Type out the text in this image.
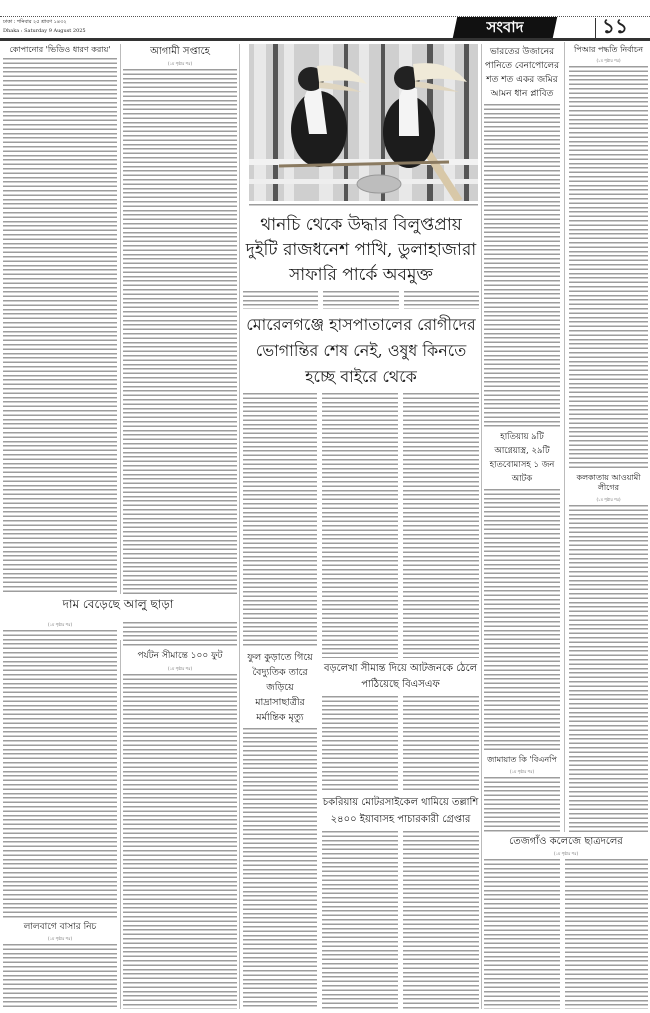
ঢাকা : শনিবার ২৫ শ্রাবণ ১৪৩২
Dhaka : Saturday 9 August 2025	সংবাদ	১১
কোপানোর 'ভিডিও ধারণ করায়'	আগামী সপ্তাহে
(১ম পৃষ্ঠার পর)
দাম বেড়েছে আলু ছাড়া
(১ম পৃষ্ঠার পর)
লালবাগে বাসার নিচ
(১ম পৃষ্ঠার পর)
পর্যটন সীমান্তে ১০০ ফুট
(১ম পৃষ্ঠার পর)
থানচি থেকে উদ্ধার বিলুপ্তপ্রায় দুইটি রাজধনেশ পাখি, ডুলাহাজারা সাফারি পার্কে অবমুক্ত
মোরেলগঞ্জে হাসপাতালের রোগীদের ভোগান্তির শেষ নেই, ওষুধ কিনতে হচ্ছে বাইরে থেকে
ফুল কুড়াতে গিয়ে বৈদ্যুতিক তারে জড়িয়ে মাদ্রাসাছাত্রীর মর্মান্তিক মৃত্যু
বড়লেখা সীমান্ত দিয়ে আটজনকে ঠেলে পাঠিয়েছে বিএসএফ
চকরিয়ায় মোটরসাইকেল থামিয়ে তল্লাশি ২৪০০ ইয়াবাসহ পাচারকারী গ্রেপ্তার
ভারতের উজানের পানিতে বেনাপোলের শত শত একর জমির আমন ধান প্লাবিত
হাতিয়ায় ৯টি আগ্নেয়াস্ত্র, ২৯টি হাতবোমাসহ ১ জন আটক
জামায়াত কি 'বিএনপি
(১ম পৃষ্ঠার পর)
পিআর পদ্ধতি নির্বাচন
(১ম পৃষ্ঠার পর)
কলকাতায় আওয়ামী লীগের
(১ম পৃষ্ঠার পর)
তেজগাঁও কলেজে ছাত্রদলের
(১ম পৃষ্ঠার পর)
